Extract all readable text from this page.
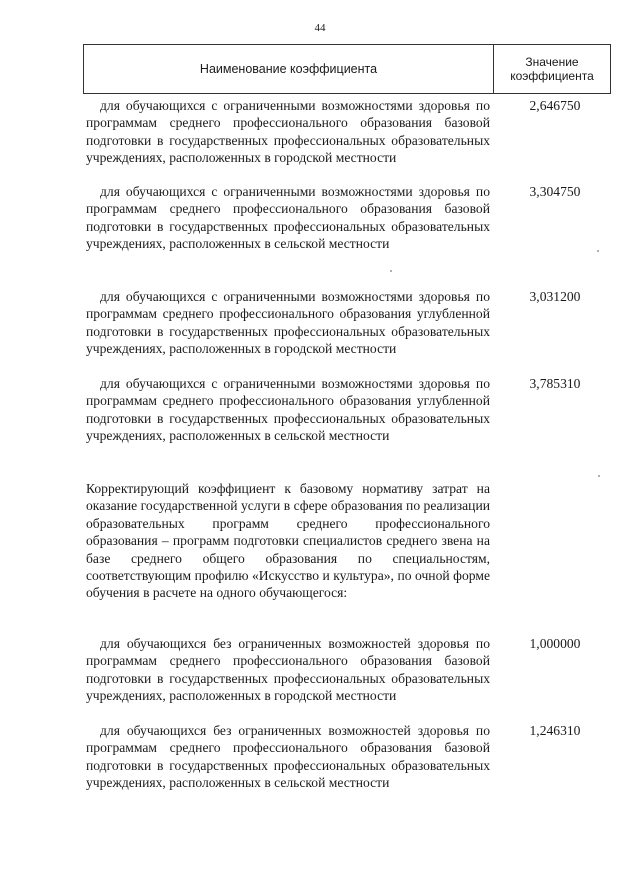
44
Наименование коэффициента	Значение коэффициента

для обучающихся с ограниченными возможностями здоровья по программам среднего профессионального образования базовой подготовки в государственных профессиональных образовательных учреждениях, расположенных в городской местности

2,646750

для обучающихся с ограниченными возможностями здоровья по программам среднего профессионального образования базовой подготовки в государственных профессиональных образовательных учреждениях, расположенных в сельской местности

3,304750

для обучающихся с ограниченными возможностями здоровья по программам среднего профессионального образования углубленной подготовки в государственных профессиональных образовательных учреждениях, расположенных в городской местности

3,031200

для обучающихся с ограниченными возможностями здоровья по программам среднего профессионального образования углубленной подготовки в государственных профессиональных образовательных учреждениях, расположенных в сельской местности

3,785310

Корректирующий коэффициент к базовому нормативу затрат на оказание государственной услуги в сфере образования по реализации образовательных программ среднего профессионального образования – программ подготовки специалистов среднего звена на базе среднего общего образования по специальностям, соответствующим профилю «Искусство и культура», по очной форме обучения в расчете на одного обучающегося:

для обучающихся без ограниченных возможностей здоровья по программам среднего профессионального образования базовой подготовки в государственных профессиональных образовательных учреждениях, расположенных в городской местности

1,000000

для обучающихся без ограниченных возможностей здоровья по программам среднего профессионального образования базовой подготовки в государственных профессиональных образовательных учреждениях, расположенных в сельской местности

1,246310
